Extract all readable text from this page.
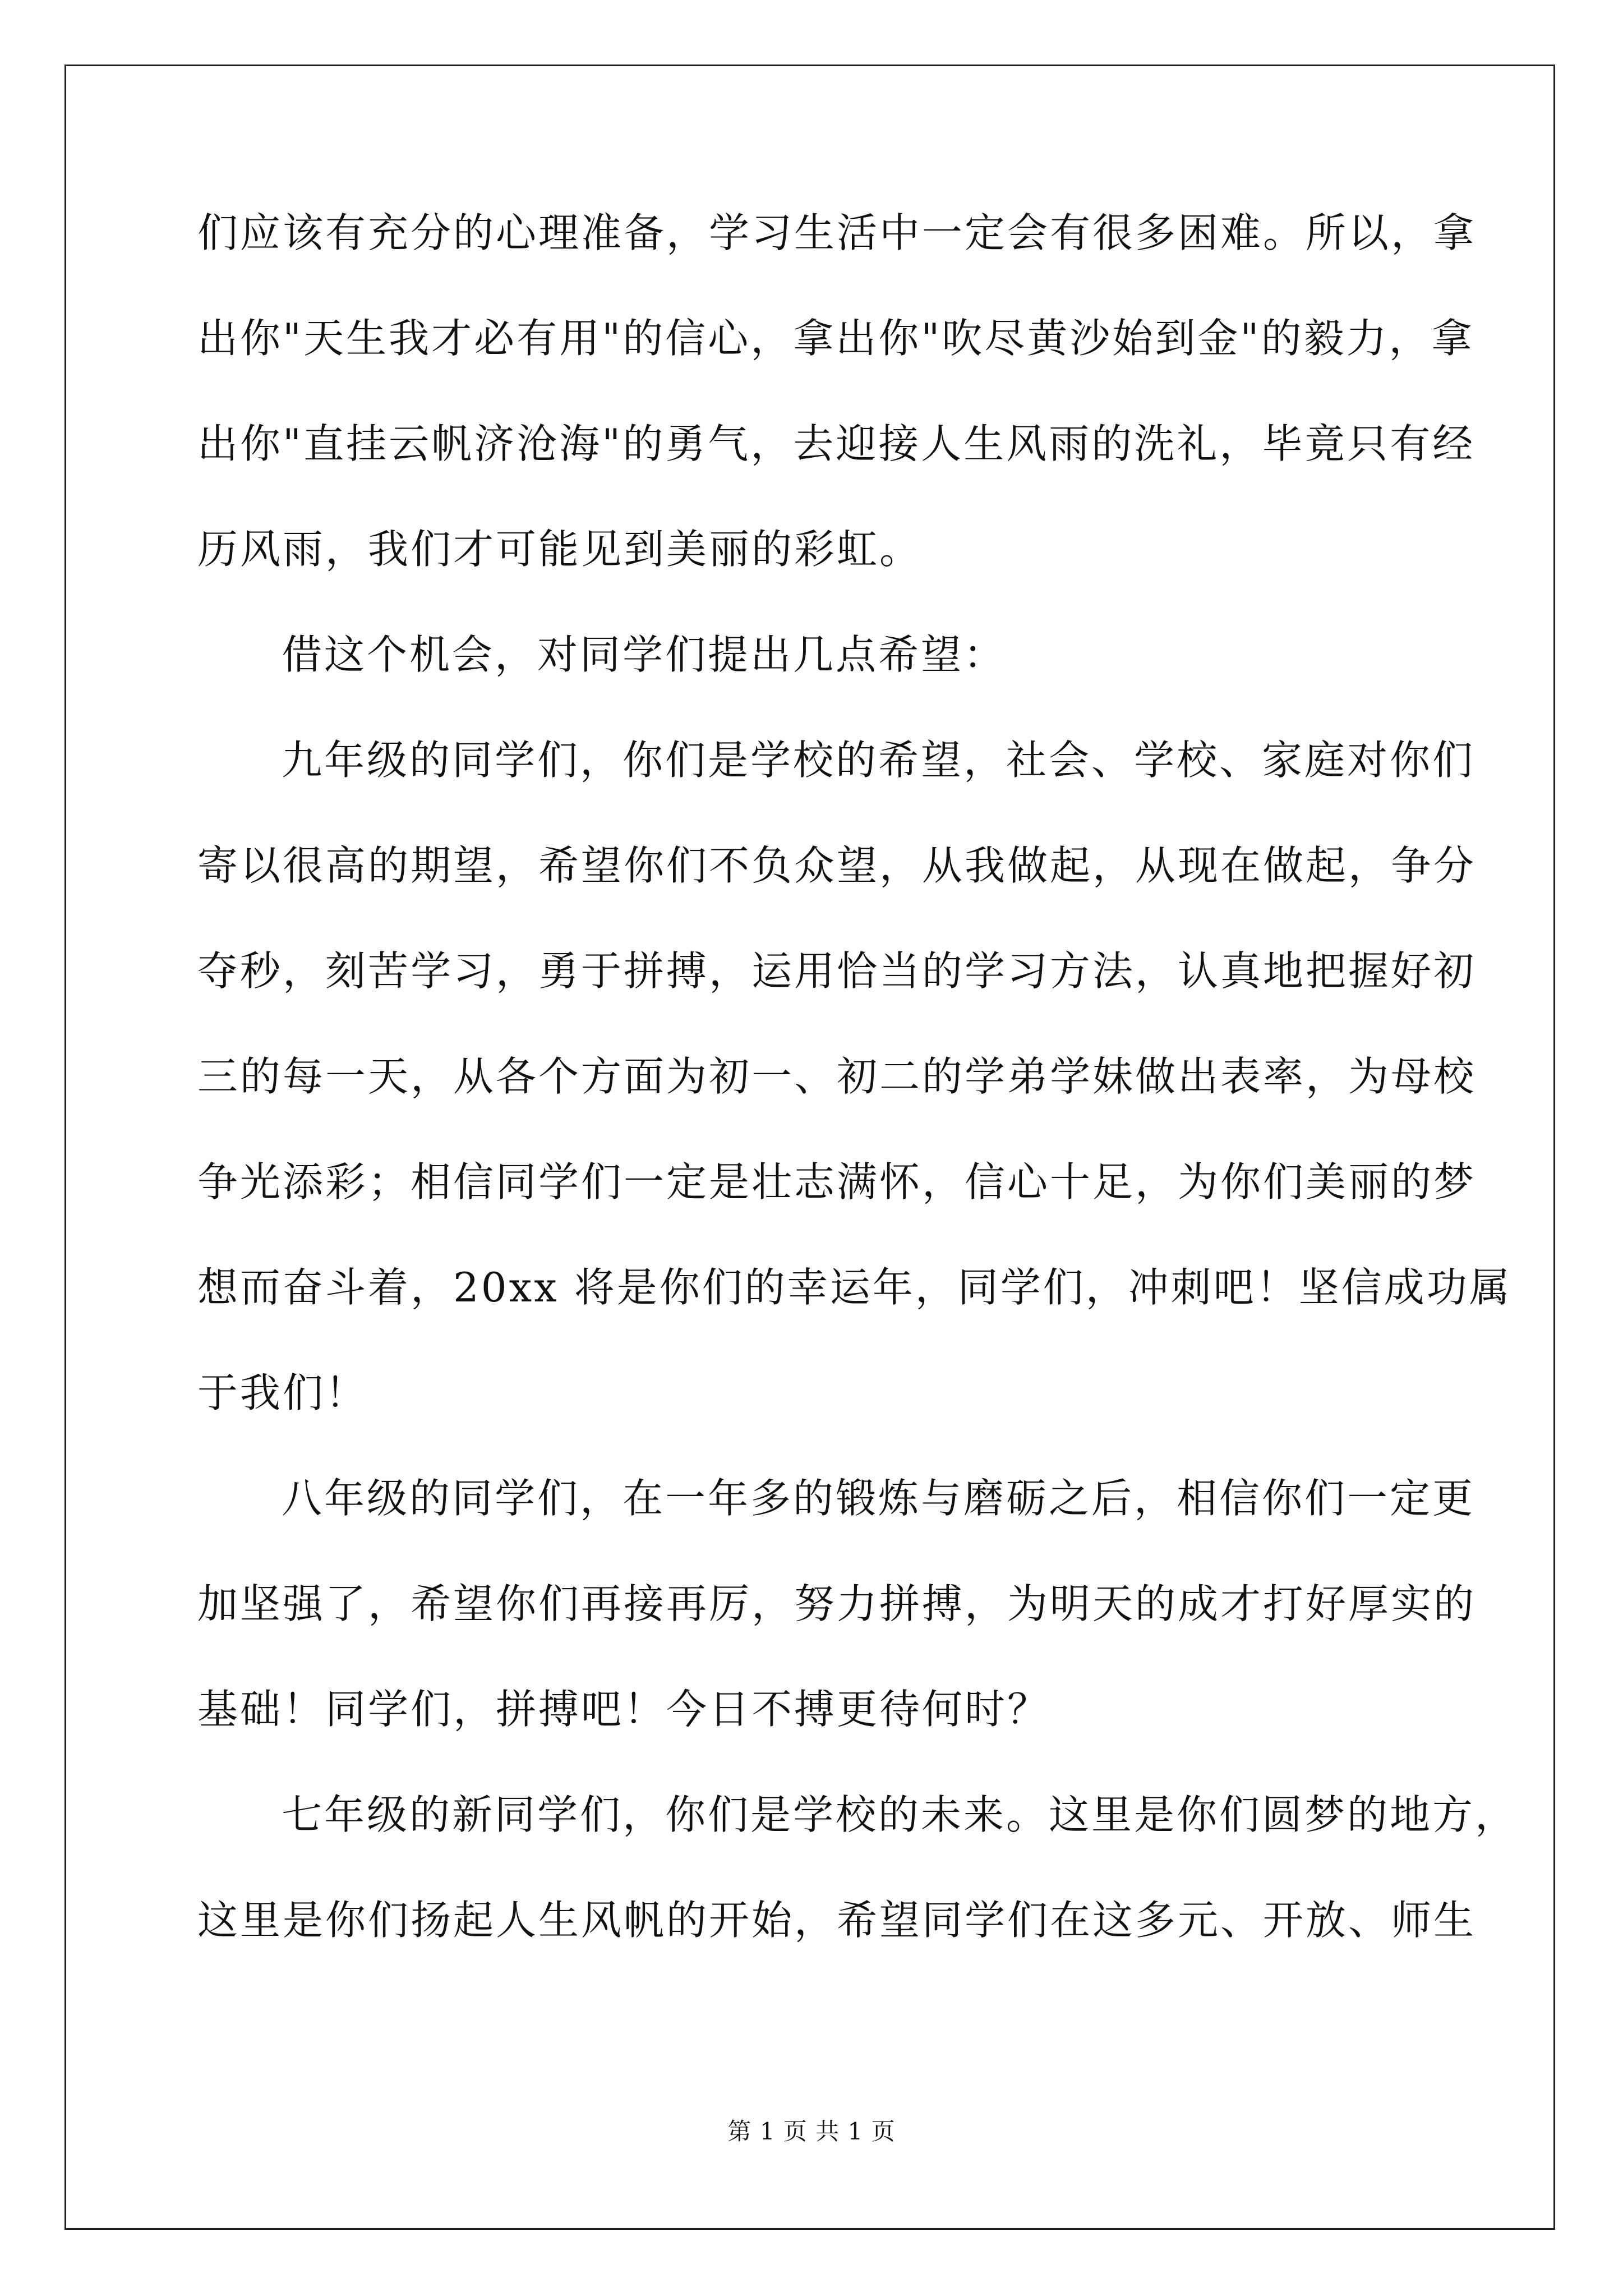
们应该有充分的心理准备，学习生活中一定会有很多困难。所以，拿
出你"天生我才必有用"的信心，拿出你"吹尽黄沙始到金"的毅力，拿
出你"直挂云帆济沧海"的勇气，去迎接人生风雨的洗礼，毕竟只有经
历风雨，我们才可能见到美丽的彩虹。
借这个机会，对同学们提出几点希望：
九年级的同学们，你们是学校的希望，社会、学校、家庭对你们
寄以很高的期望，希望你们不负众望，从我做起，从现在做起，争分
夺秒，刻苦学习，勇于拼搏，运用恰当的学习方法，认真地把握好初
三的每一天，从各个方面为初一、初二的学弟学妹做出表率，为母校
争光添彩；相信同学们一定是壮志满怀，信心十足，为你们美丽的梦
想而奋斗着，20xx 将是你们的幸运年，同学们，冲刺吧！坚信成功属
于我们！
八年级的同学们，在一年多的锻炼与磨砺之后，相信你们一定更
加坚强了，希望你们再接再厉，努力拼搏，为明天的成才打好厚实的
基础！同学们，拼搏吧！今日不搏更待何时？
七年级的新同学们，你们是学校的未来。这里是你们圆梦的地方，
这里是你们扬起人生风帆的开始，希望同学们在这多元、开放、师生
第 1 页 共 1 页
